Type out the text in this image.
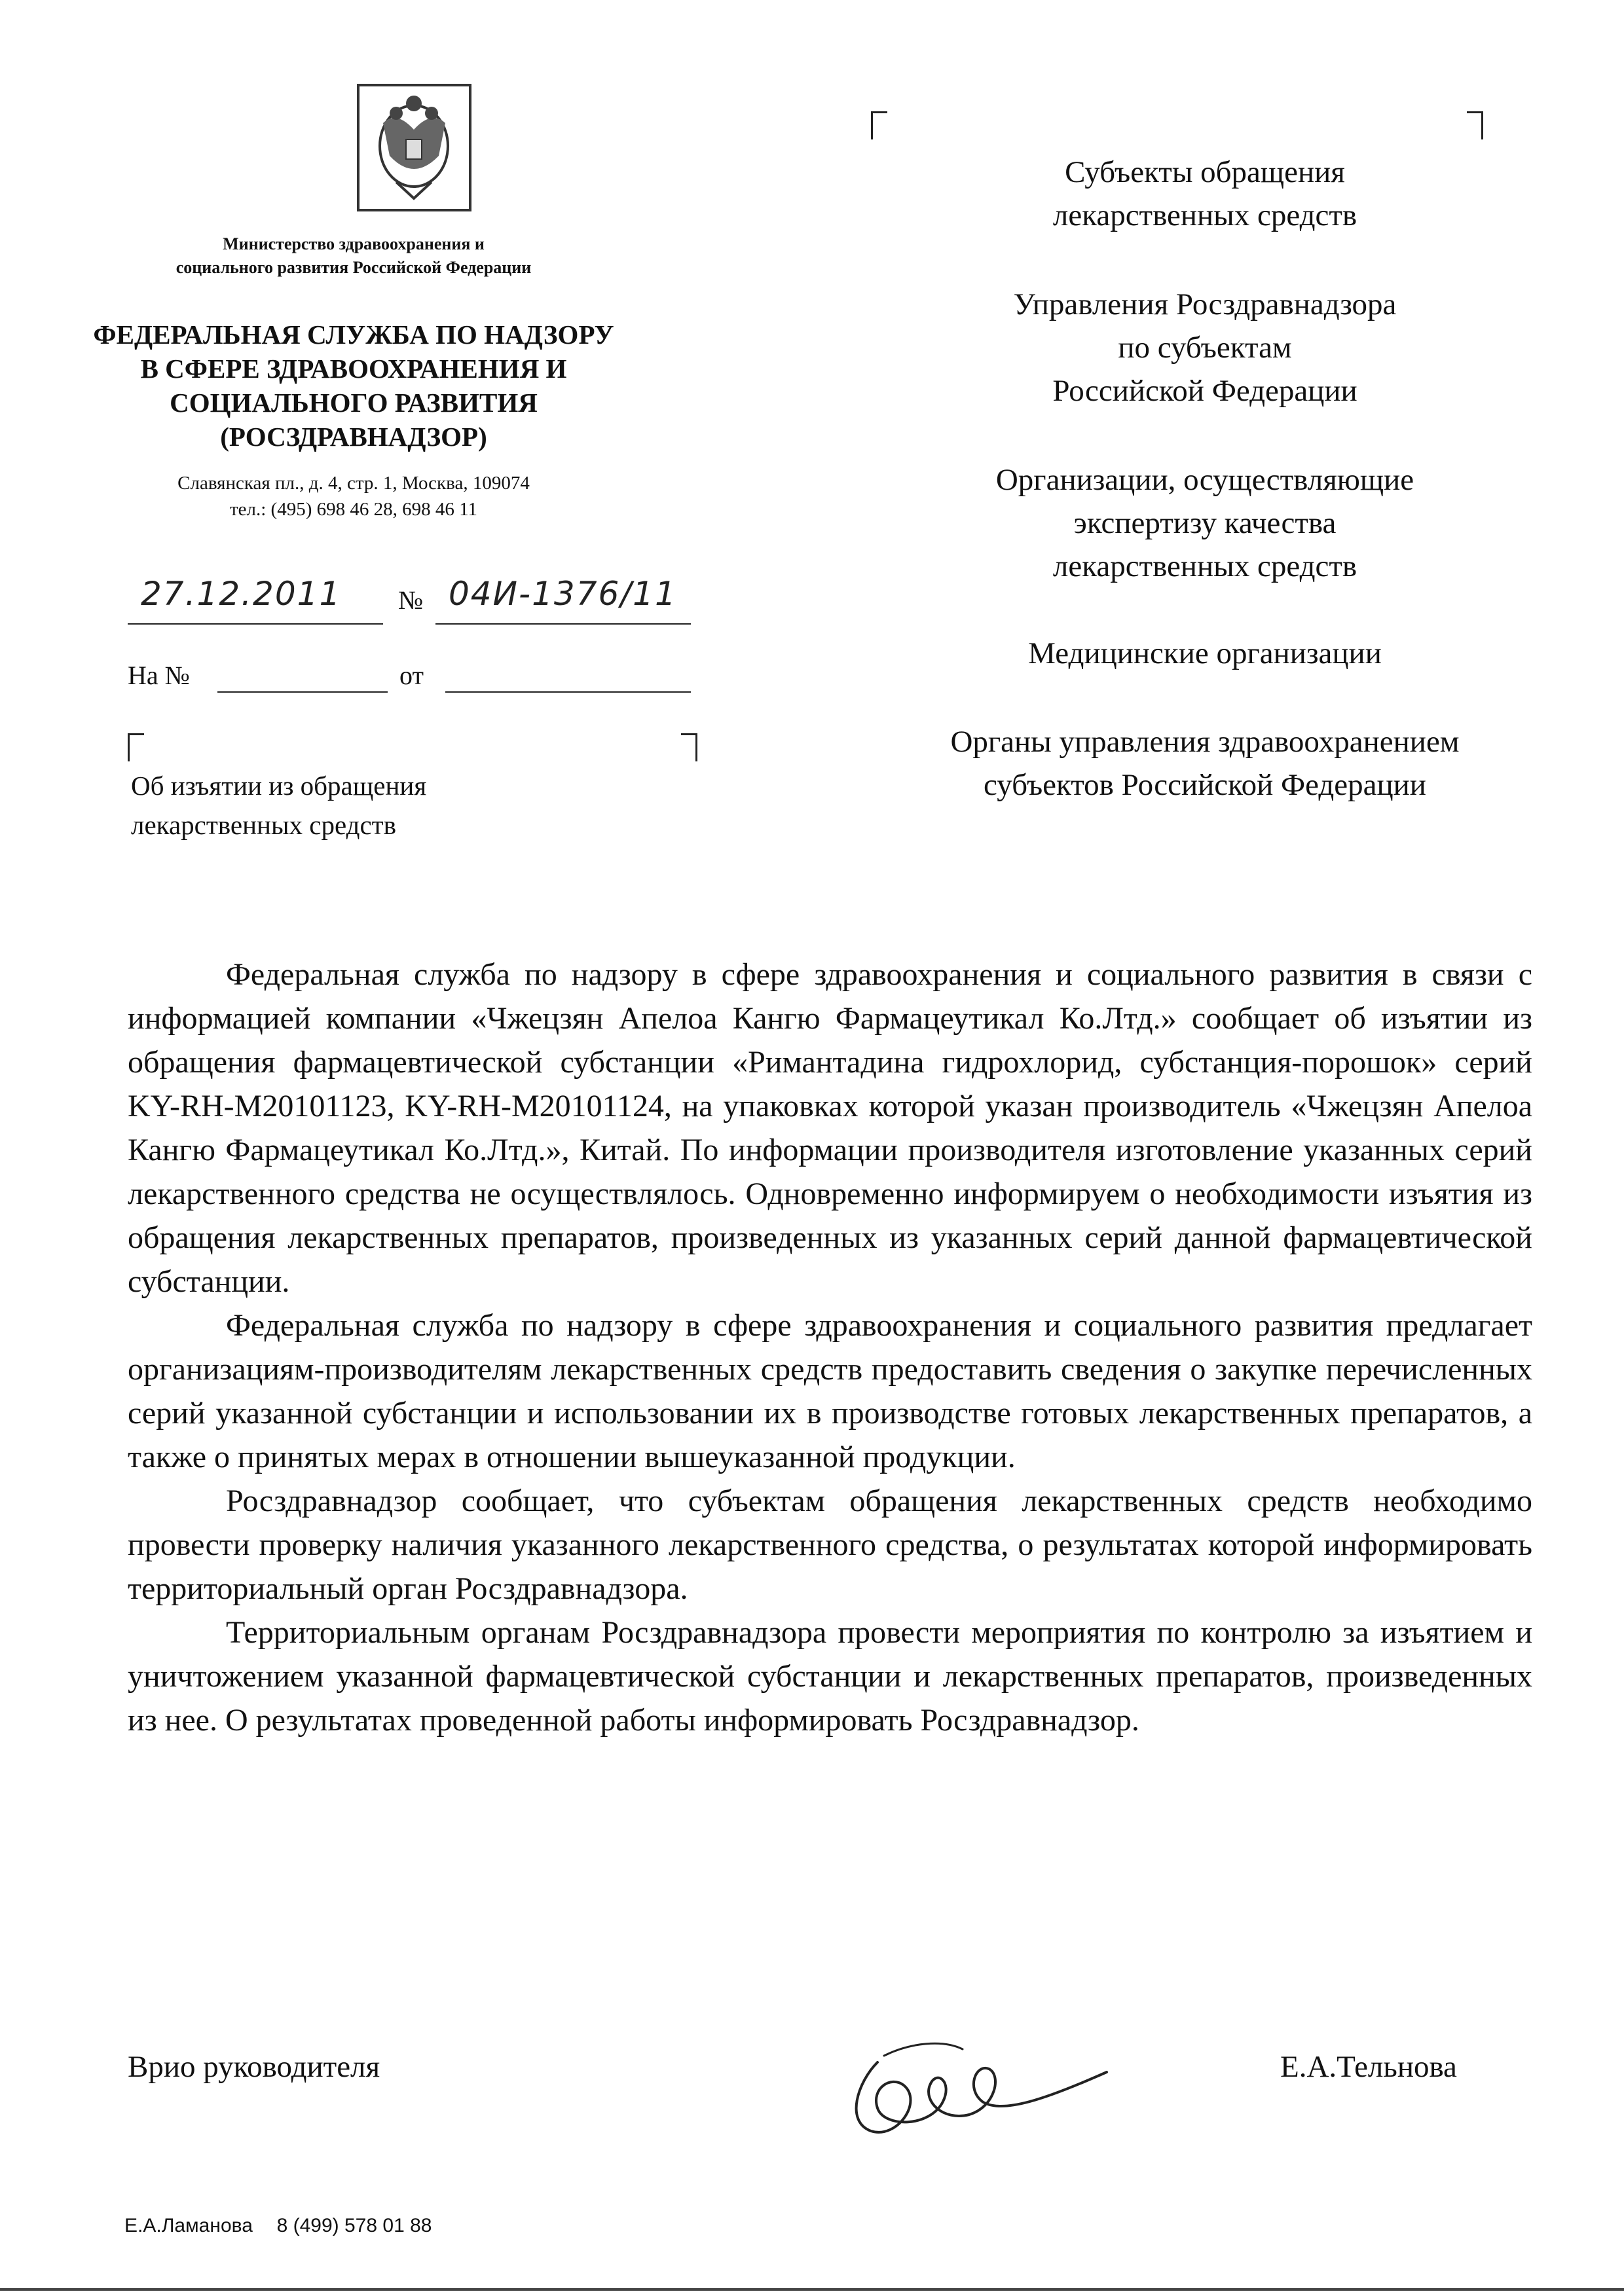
Министерство здравоохранения и
социального развития Российской Федерации
ФЕДЕРАЛЬНАЯ СЛУЖБА ПО НАДЗОРУ
В СФЕРЕ ЗДРАВООХРАНЕНИЯ И
СОЦИАЛЬНОГО РАЗВИТИЯ
(РОСЗДРАВНАДЗОР)
Славянская пл., д. 4, стр. 1, Москва, 109074
тел.: (495) 698 46 28, 698 46 11
27.12.2011 № 04И-1376/11
На №	от
Об изъятии из обращения
лекарственных средств
Субъекты обращения
лекарственных средств
Управления Росздравнадзора
по субъектам
Российской Федерации
Организации, осуществляющие
экспертизу качества
лекарственных средств
Медицинские организации
Органы управления здравоохранением
субъектов Российской Федерации

Федеральная служба по надзору в сфере здравоохранения и социального развития в связи с информацией компании «Чжецзян Апелоа Кангю Фармацеутикал Ко.Лтд.» сообщает об изъятии из обращения фармацевтической субстанции «Римантадина гидрохлорид, субстанция-порошок» серий KY-RH-M20101123, KY-RH-M20101124, на упаковках которой указан производитель «Чжецзян Апелоа Кангю Фармацеутикал Ко.Лтд.», Китай. По информации производителя изготовление указанных серий лекарственного средства не осуществлялось. Одновременно информируем о необходимости изъятия из обращения лекарственных препаратов, произведенных из указанных серий данной фармацевтической субстанции.

Федеральная служба по надзору в сфере здравоохранения и социального развития предлагает организациям-производителям лекарственных средств предоставить сведения о закупке перечисленных серий указанной субстанции и использовании их в производстве готовых лекарственных препаратов, а также о принятых мерах в отношении вышеуказанной продукции.

Росздравнадзор сообщает, что субъектам обращения лекарственных средств необходимо провести проверку наличия указанного лекарственного средства, о результатах которой информировать территориальный орган Росздравнадзора.

Территориальным органам Росздравнадзора провести мероприятия по контролю за изъятием и уничтожением указанной фармацевтической субстанции и лекарственных препаратов, произведенных из нее. О результатах проведенной работы информировать Росздравнадзор.

Врио руководителя	Е.А.Тельнова
Е.А.Ламанова 8 (499) 578 01 88
